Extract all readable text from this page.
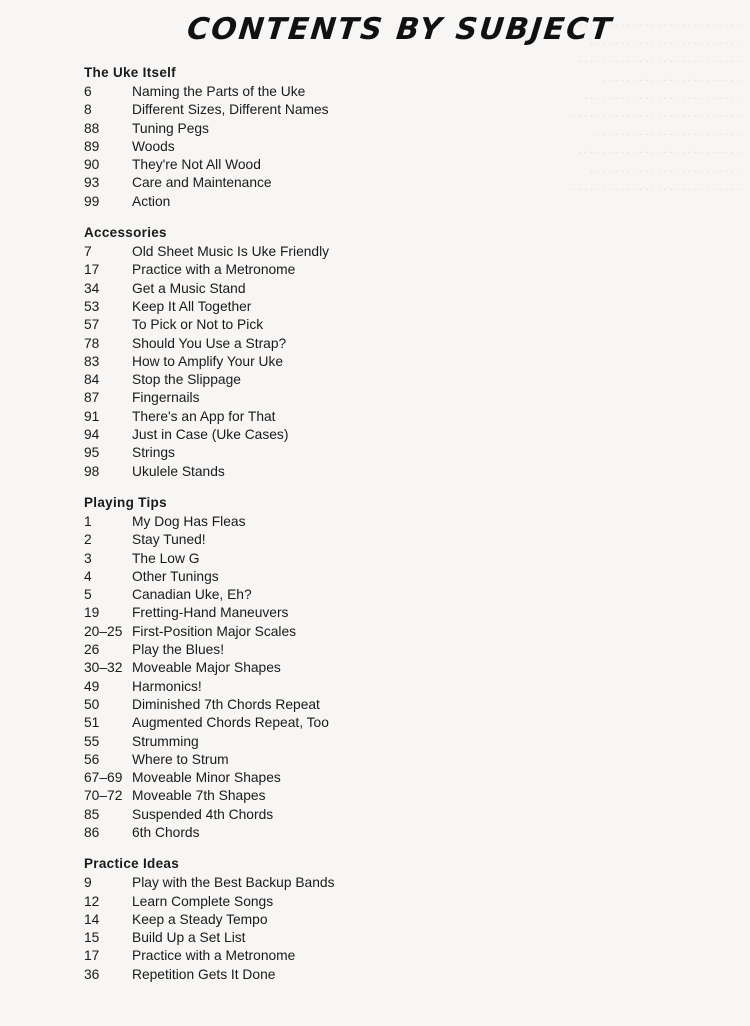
. . . . . . . . . . . . . . . . . . . . . . . . . . . .
. . . . . . . . . . . . . . . . . . . . . . . . .
. . . . . . . . . . . . . . . . . . . . . . . . . . .
. . . . . . . . . . . . . . . . . . . . . . .
. . . . . . . . . . . . . . . . . . . . . . . . . .
. . . . . . . . . . . . . . . . . . . . . . . . . . . .
. . . . . . . . . . . . . . . . . . . . . . . .
. . . . . . . . . . . . . . . . . . . . . . . . . . .
. . . . . . . . . . . . . . . . . . . . . . . . .
. . . . . . . . . . . . . . . . . . . . . . . . . . . .
CONTENTS BY SUBJECT
The Uke Itself
6	Naming the Parts of the Uke
8	Different Sizes, Different Names
88	Tuning Pegs
89	Woods
90	They're Not All Wood
93	Care and Maintenance
99	Action
Accessories
7	Old Sheet Music Is Uke Friendly
17	Practice with a Metronome
34	Get a Music Stand
53	Keep It All Together
57	To Pick or Not to Pick
78	Should You Use a Strap?
83	How to Amplify Your Uke
84	Stop the Slippage
87	Fingernails
91	There's an App for That
94	Just in Case (Uke Cases)
95	Strings
98	Ukulele Stands
Playing Tips
1	My Dog Has Fleas
2	Stay Tuned!
3	The Low G
4	Other Tunings
5	Canadian Uke, Eh?
19	Fretting-Hand Maneuvers
20–25 First-Position Major Scales
26	Play the Blues!
30–32 Moveable Major Shapes
49	Harmonics!
50	Diminished 7th Chords Repeat
51	Augmented Chords Repeat, Too
55	Strumming
56	Where to Strum
67–69 Moveable Minor Shapes
70–72 Moveable 7th Shapes
85	Suspended 4th Chords
86	6th Chords
Practice Ideas
9	Play with the Best Backup Bands
12	Learn Complete Songs
14	Keep a Steady Tempo
15	Build Up a Set List
17	Practice with a Metronome
36	Repetition Gets It Done
